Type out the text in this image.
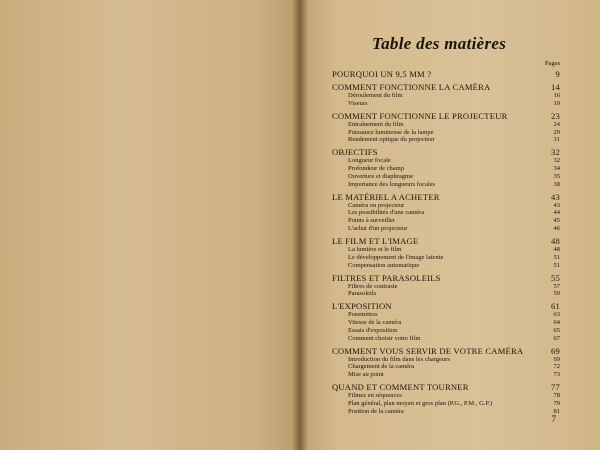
Table des matières
Pages
POURQUOI UN 9,5 MM ?	9
COMMENT FONCTIONNE LA CAMÉRA	14
Déroulement du film	16
Viseurs	19
COMMENT FONCTIONNE LE PROJECTEUR	23
Entraînement du film	24
Puissance lumineuse de la lampe	29
Rendement optique du projecteur	31
OBJECTIFS	32
Longueur focale	32
Profondeur de champ	34
Ouverture et diaphragme	35
Importance des longueurs focales	38
LE MATÉRIEL A ACHETER	43
Caméra ou projecteur	43
Les possibilités d'une caméra	44
Points à surveiller	45
L'achat d'un projecteur	46
LE FILM ET L'IMAGE	48
La lumière et le film	48
Le développement de l'image latente	51
Compensation automatique	51
FILTRES ET PARASOLEILS	55
Filtres de contraste	57
Parasoleils	59
L'EXPOSITION	61
Posemètres	63
Vitesse de la caméra	64
Essais d'exposition	65
Comment choisir votre film	67
COMMENT VOUS SERVIR DE VOTRE CAMÉRA	69
Introduction du film dans les chargeurs	69
Chargement de la caméra	72
Mise au point	73
QUAND ET COMMENT TOURNER	77
Filmez en séquences	78
Plan général, plan moyen et gros plan (P.G., P.M., G.P.)	79
Position de la caméra	81
7
